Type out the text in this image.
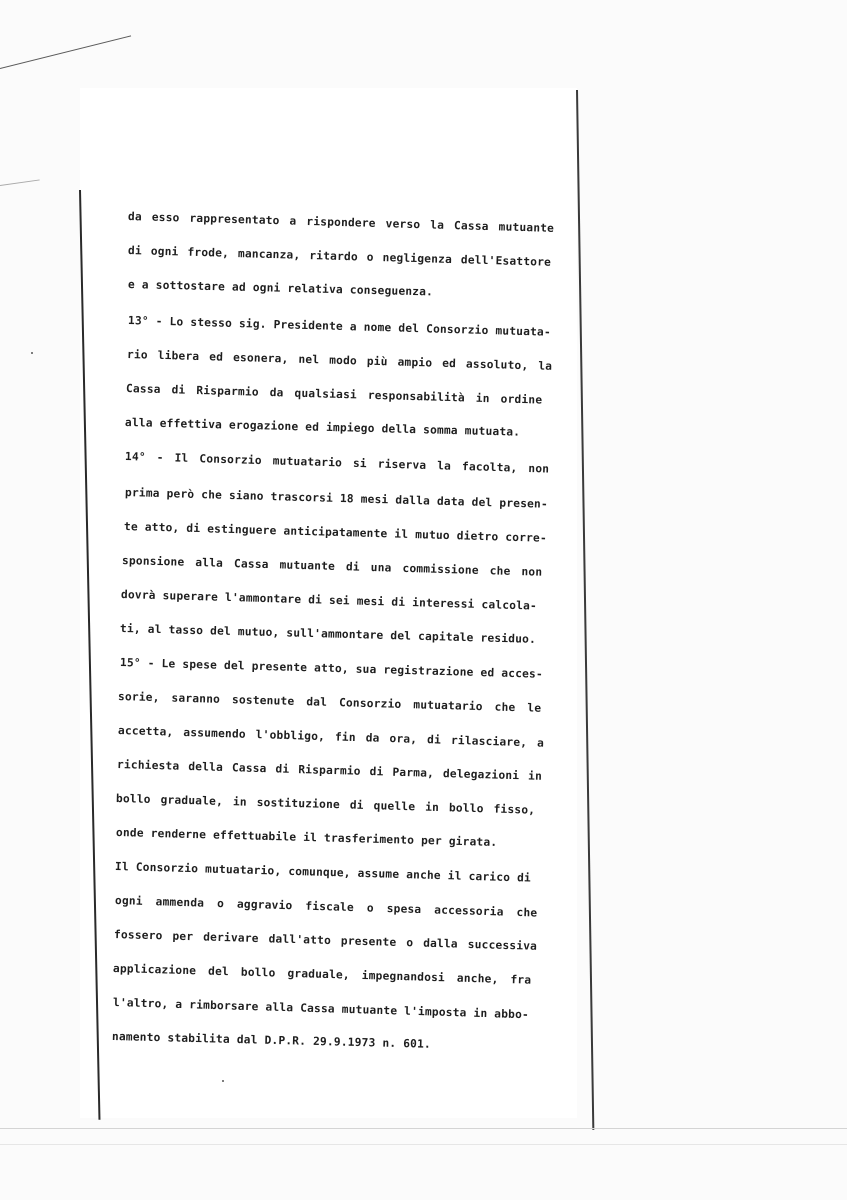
da esso rappresentato a rispondere verso la Cassa mutuante
di ogni frode, mancanza, ritardo o negligenza dell'Esattore
e a sottostare ad ogni relativa conseguenza.
13° - Lo stesso sig. Presidente a nome del Consorzio mutuata-
rio libera ed esonera, nel modo più ampio ed assoluto, la
Cassa di Risparmio da qualsiasi responsabilità in ordine
alla effettiva erogazione ed impiego della somma mutuata.
14° - Il Consorzio mutuatario si riserva la facolta, non
prima però che siano trascorsi 18 mesi dalla data del presen-
te atto, di estinguere anticipatamente il mutuo dietro corre-
sponsione alla Cassa mutuante di una commissione che non
dovrà superare l'ammontare di sei mesi di interessi calcola-
ti, al tasso del mutuo, sull'ammontare del capitale residuo.
15° - Le spese del presente atto, sua registrazione ed acces-
sorie, saranno sostenute dal Consorzio mutuatario che le
accetta, assumendo l'obbligo, fin da ora, di rilasciare, a
richiesta della Cassa di Risparmio di Parma, delegazioni in
bollo graduale, in sostituzione di quelle in bollo fisso,
onde renderne effettuabile il trasferimento per girata.
Il Consorzio mutuatario, comunque, assume anche il carico di
ogni ammenda o aggravio fiscale o spesa accessoria che
fossero per derivare dall'atto presente o dalla successiva
applicazione del bollo graduale, impegnandosi anche, fra
l'altro, a rimborsare alla Cassa mutuante l'imposta in abbo-
namento stabilita dal D.P.R. 29.9.1973 n. 601.
